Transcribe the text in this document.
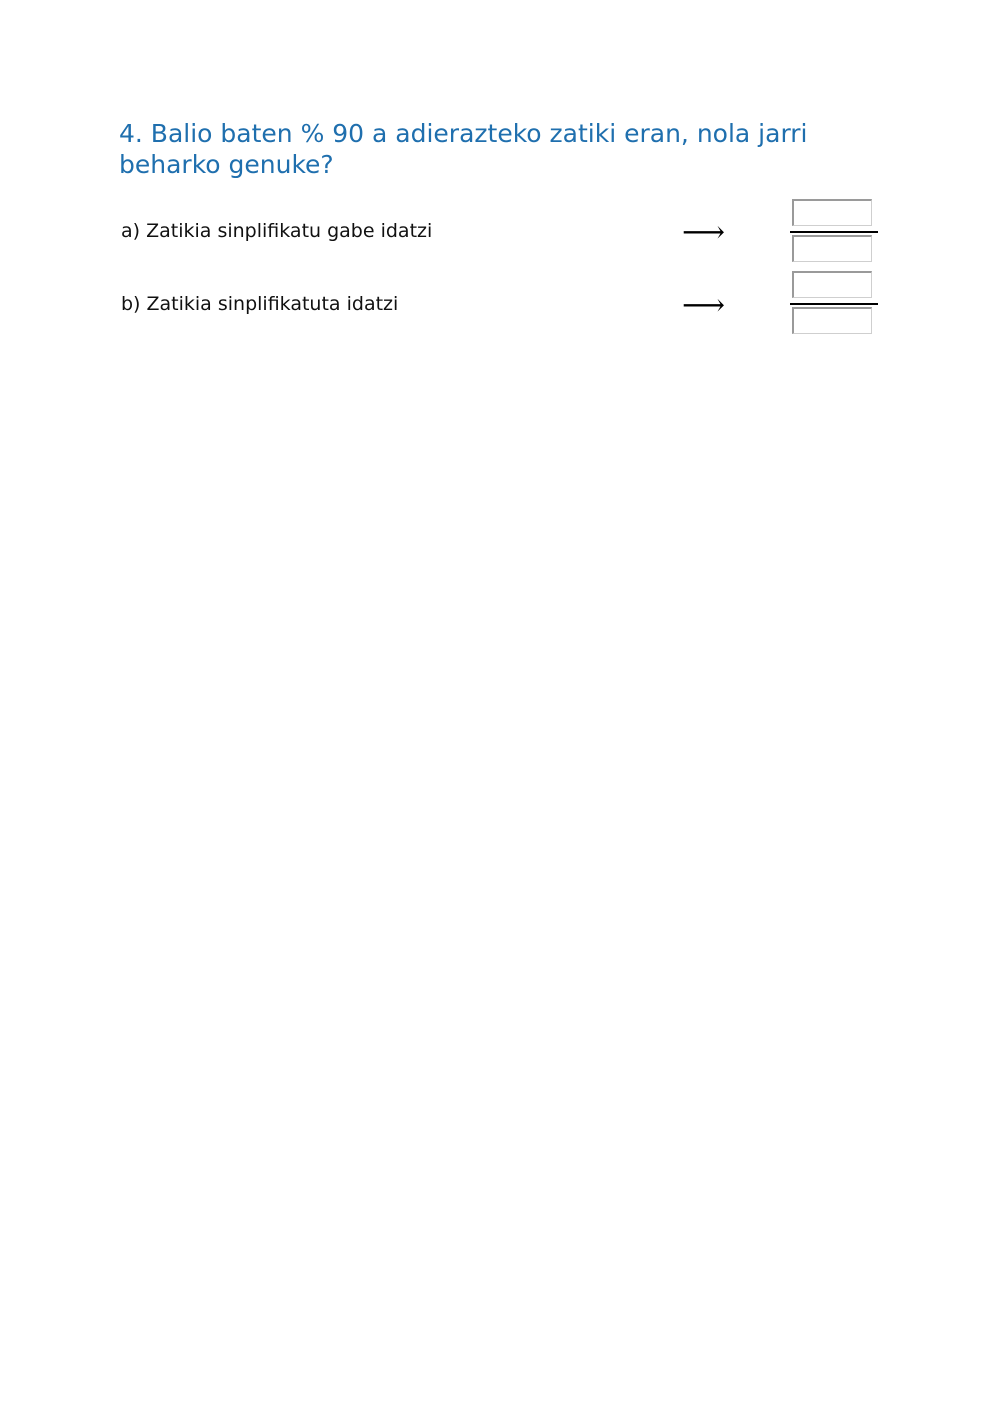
4. Balio baten % 90 a adierazteko zatiki eran, nola jarri beharko genuke?

a) Zatikia sinplifikatu gabe idatzi	⟶

b) Zatikia sinplifikatuta idatzi	⟶
